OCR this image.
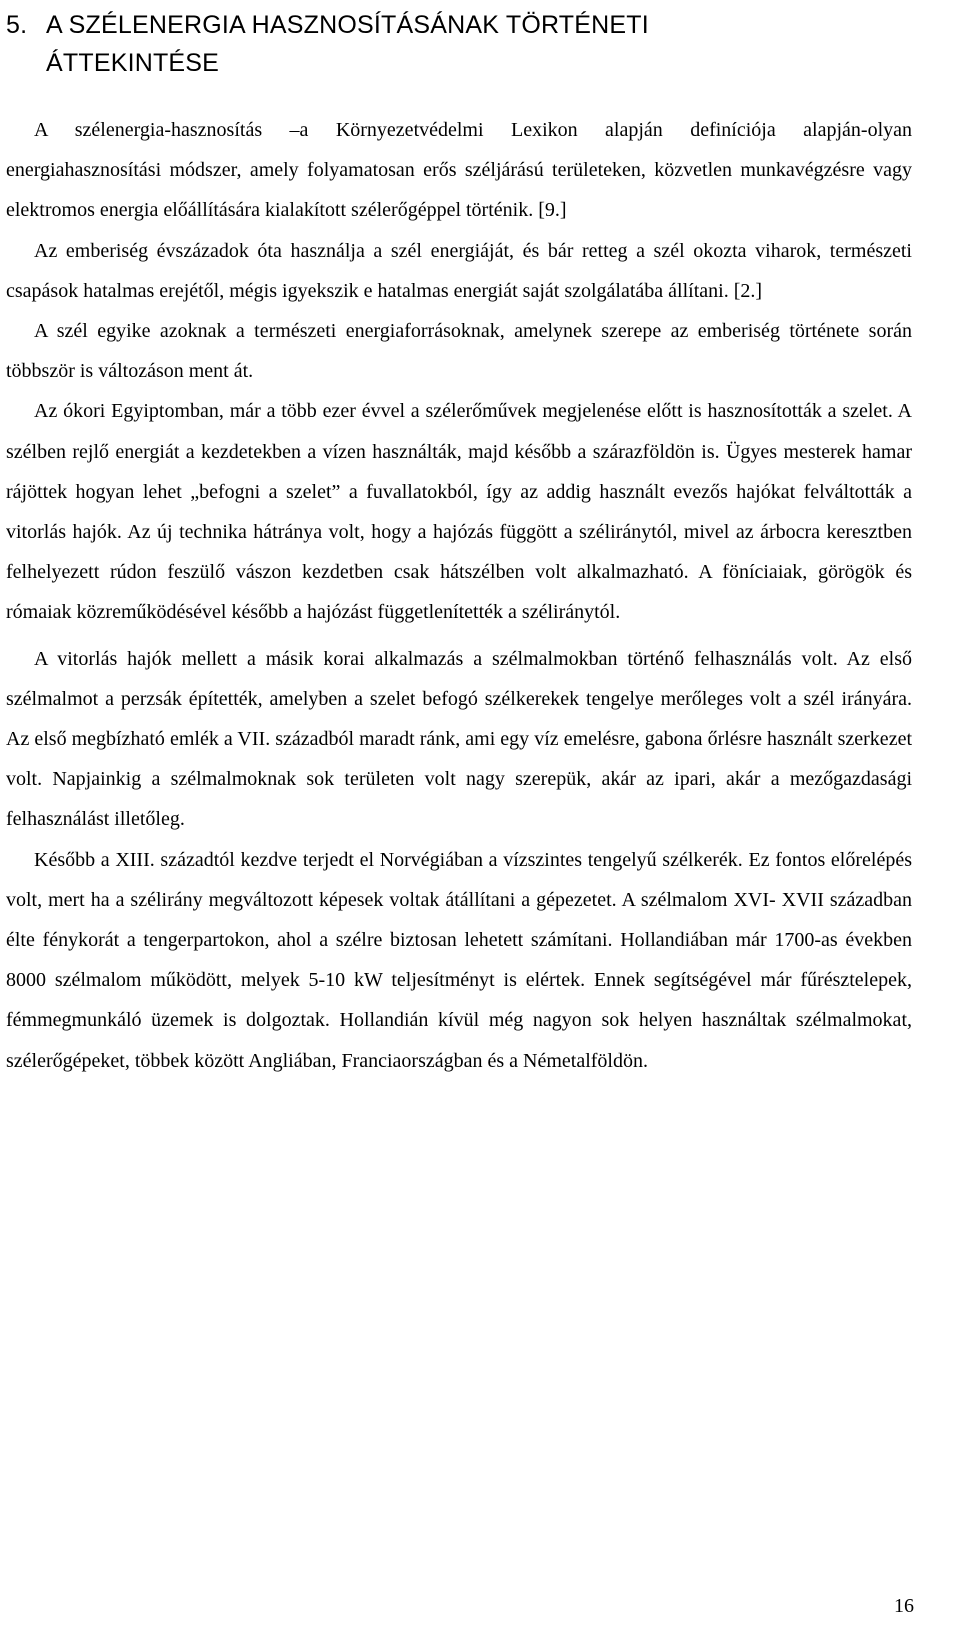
5. A SZÉLENERGIA HASZNOSÍTÁSÁNAK TÖRTÉNETI
ÁTTEKINTÉSE

A szélenergia-hasznosítás –a Környezetvédelmi Lexikon alapján definíciója alapján-olyan energiahasznosítási módszer, amely folyamatosan erős széljárású területeken, közvetlen munkavégzésre vagy elektromos energia előállítására kialakított szélerőgéppel történik. [9.]

Az emberiség évszázadok óta használja a szél energiáját, és bár retteg a szél okozta viharok, természeti csapások hatalmas erejétől, mégis igyekszik e hatalmas energiát saját szolgálatába állítani. [2.]

A szél egyike azoknak a természeti energiaforrásoknak, amelynek szerepe az emberiség története során többször is változáson ment át.

Az ókori Egyiptomban, már a több ezer évvel a szélerőművek megjelenése előtt is hasznosították a szelet. A szélben rejlő energiát a kezdetekben a vízen használták, majd később a szárazföldön is. Ügyes mesterek hamar rájöttek hogyan lehet „befogni a szelet” a fuvallatokból, így az addig használt evezős hajókat felváltották a vitorlás hajók. Az új technika hátránya volt, hogy a hajózás függött a széliránytól, mivel az árbocra keresztben felhelyezett rúdon feszülő vászon kezdetben csak hátszélben volt alkalmazható. A föníciaiak, görögök és rómaiak közreműködésével később a hajózást függetlenítették a széliránytól.

A vitorlás hajók mellett a másik korai alkalmazás a szélmalmokban történő felhasználás volt. Az első szélmalmot a perzsák építették, amelyben a szelet befogó szélkerekek tengelye merőleges volt a szél irányára. Az első megbízható emlék a VII. századból maradt ránk, ami egy víz emelésre, gabona őrlésre használt szerkezet volt. Napjainkig a szélmalmoknak sok területen volt nagy szerepük, akár az ipari, akár a mezőgazdasági felhasználást illetőleg.

Később a XIII. századtól kezdve terjedt el Norvégiában a vízszintes tengelyű szélkerék. Ez fontos előrelépés volt, mert ha a szélirány megváltozott képesek voltak átállítani a gépezetet. A szélmalom XVI- XVII században élte fénykorát a tengerpartokon, ahol a szélre biztosan lehetett számítani. Hollandiában már 1700-as években 8000 szélmalom működött, melyek 5-10 kW teljesítményt is elértek. Ennek segítségével már fűrésztelepek, fémmegmunkáló üzemek is dolgoztak. Hollandián kívül még nagyon sok helyen használtak szélmalmokat, szélerőgépeket, többek között Angliában, Franciaországban és a Németalföldön.

16
